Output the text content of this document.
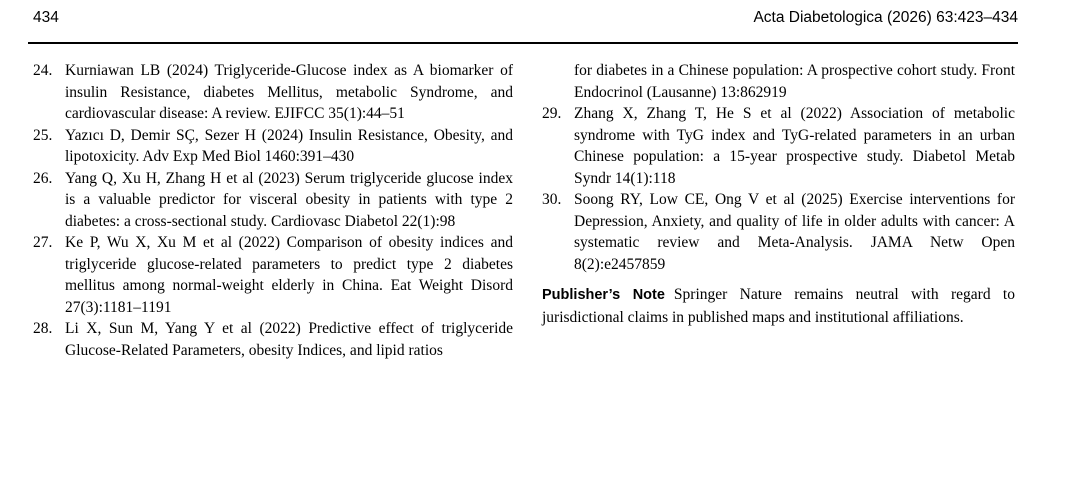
434	Acta Diabetologica (2026) 63:423–434
24. Kurniawan LB (2024) Triglyceride-Glucose index as A biomarker of insulin Resistance, diabetes Mellitus, metabolic Syndrome, and cardiovascular disease: A review. EJIFCC 35(1):44–51

25. Yazıcı D, Demir SÇ, Sezer H (2024) Insulin Resistance, Obesity, and lipotoxicity. Adv Exp Med Biol 1460:391–430

26. Yang Q, Xu H, Zhang H et al (2023) Serum triglyceride glucose index is a valuable predictor for visceral obesity in patients with type 2 diabetes: a cross-sectional study. Cardiovasc Diabetol 22(1):98

27. Ke P, Wu X, Xu M et al (2022) Comparison of obesity indices and triglyceride glucose-related parameters to predict type 2 diabetes mellitus among normal-weight elderly in China. Eat Weight Disord 27(3):1181–1191

28. Li X, Sun M, Yang Y et al (2022) Predictive effect of triglyceride Glucose-Related Parameters, obesity Indices, and lipid ratios

for diabetes in a Chinese population: A prospective cohort study. Front Endocrinol (Lausanne) 13:862919

29. Zhang X, Zhang T, He S et al (2022) Association of metabolic syndrome with TyG index and TyG-related parameters in an urban Chinese population: a 15-year prospective study. Diabetol Metab Syndr 14(1):118

30. Soong RY, Low CE, Ong V et al (2025) Exercise interventions for Depression, Anxiety, and quality of life in older adults with cancer: A systematic review and Meta-Analysis. JAMA Netw Open 8(2):e2457859

Publisher’s Note Springer Nature remains neutral with regard to jurisdictional claims in published maps and institutional affiliations.
